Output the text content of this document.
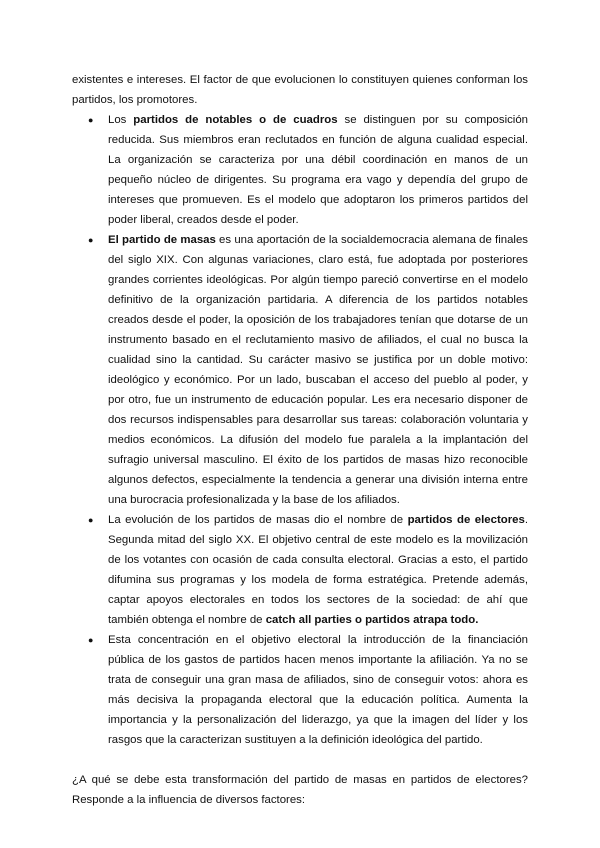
existentes e intereses. El factor de que evolucionen lo constituyen quienes conforman los partidos, los promotores.

● Los partidos de notables o de cuadros se distinguen por su composición reducida. Sus miembros eran reclutados en función de alguna cualidad especial. La organización se caracteriza por una débil coordinación en manos de un pequeño núcleo de dirigentes. Su programa era vago y dependía del grupo de intereses que promueven. Es el modelo que adoptaron los primeros partidos del poder liberal, creados desde el poder.
● El partido de masas es una aportación de la socialdemocracia alemana de finales del siglo XIX. Con algunas variaciones, claro está, fue adoptada por posteriores grandes corrientes ideológicas. Por algún tiempo pareció convertirse en el modelo definitivo de la organización partidaria. A diferencia de los partidos notables creados desde el poder, la oposición de los trabajadores tenían que dotarse de un instrumento basado en el reclutamiento masivo de afiliados, el cual no busca la cualidad sino la cantidad. Su carácter masivo se justifica por un doble motivo: ideológico y económico. Por un lado, buscaban el acceso del pueblo al poder, y por otro, fue un instrumento de educación popular. Les era necesario disponer de dos recursos indispensables para desarrollar sus tareas: colaboración voluntaria y medios económicos. La difusión del modelo fue paralela a la implantación del sufragio universal masculino. El éxito de los partidos de masas hizo reconocible algunos defectos, especialmente la tendencia a generar una división interna entre una burocracia profesionalizada y la base de los afiliados.
● La evolución de los partidos de masas dio el nombre de partidos de electores. Segunda mitad del siglo XX. El objetivo central de este modelo es la movilización de los votantes con ocasión de cada consulta electoral. Gracias a esto, el partido difumina sus programas y los modela de forma estratégica. Pretende además, captar apoyos electorales en todos los sectores de la sociedad: de ahí que también obtenga el nombre de catch all parties o partidos atrapa todo.
● Esta concentración en el objetivo electoral la introducción de la financiación pública de los gastos de partidos hacen menos importante la afiliación. Ya no se trata de conseguir una gran masa de afiliados, sino de conseguir votos: ahora es más decisiva la propaganda electoral que la educación política. Aumenta la importancia y la personalización del liderazgo, ya que la imagen del líder y los rasgos que la caracterizan sustituyen a la definición ideológica del partido.

¿A qué se debe esta transformación del partido de masas en partidos de electores? Responde a la influencia de diversos factores:
